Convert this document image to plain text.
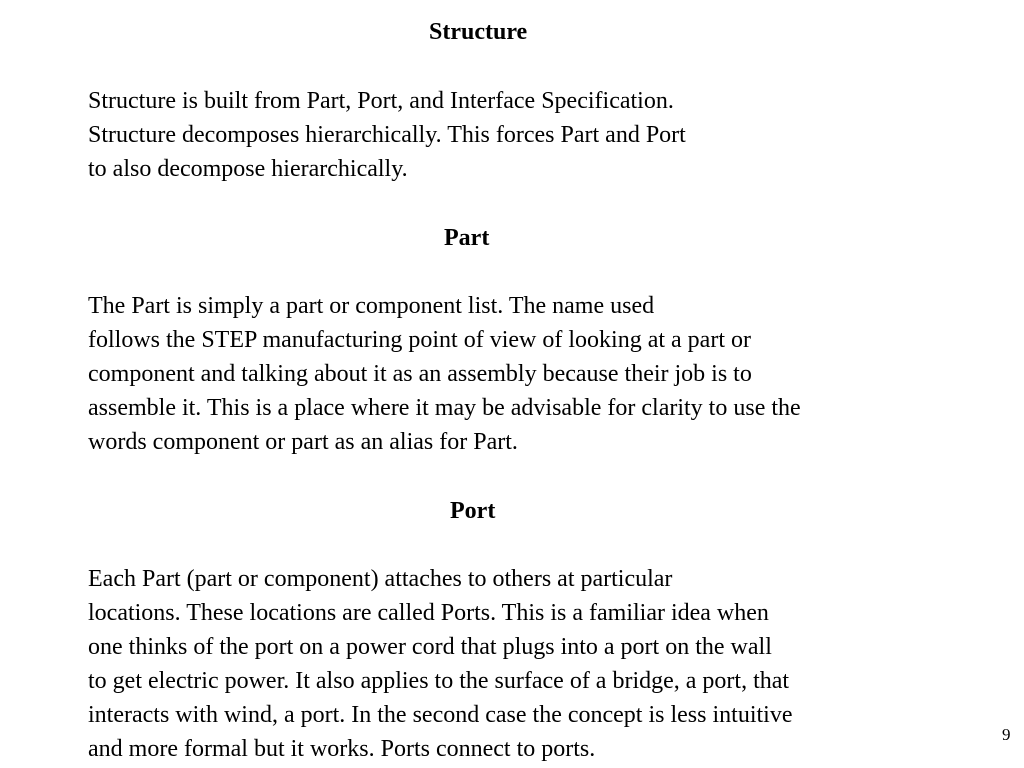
Structure

Structure is built from Part, Port, and Interface Specification.
Structure decomposes hierarchically. This forces Part and Port
to also decompose hierarchically.

Part

The Part is simply a part or component list. The name used
follows the STEP manufacturing point of view of looking at a part or
component and talking about it as an assembly because their job is to
assemble it. This is a place where it may be advisable for clarity to use the
words component or part as an alias for Part.

Port

Each Part (part or component) attaches to others at particular
locations. These locations are called Ports. This is a familiar idea when
one thinks of the port on a power cord that plugs into a port on the wall
to get electric power. It also applies to the surface of a bridge, a port, that
interacts with wind, a port. In the second case the concept is less intuitive
and more formal but it works. Ports connect to ports.

9
